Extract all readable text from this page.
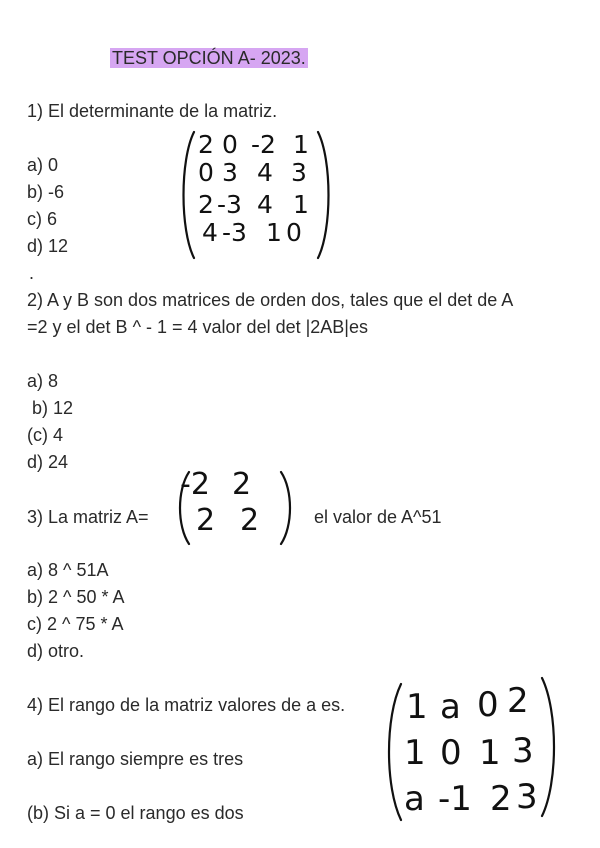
TEST OPCIÓN A- 2023.
1) El determinante de la matriz.
a) 0
b) -6
c) 6
d) 12
.
2 0 -2 1
0 3 4 3
2 -3 4 1
4 -3 1 0
2) A y B son dos matrices de orden dos, tales que el det de A
=2 y el det B ^ - 1 = 4 valor del det |2AB|es
a) 8
b) 12
(c) 4
d) 24
3) La matriz A=
-2 2
2 2	el valor de A^51
a) 8 ^ 51A
b) 2 ^ 50 * A
c) 2 ^ 75 * A
d) otro.
4) El rango de la matriz valores de a es.
a) El rango siempre es tres
(b) Si a = 0 el rango es dos
1 a 0 2
1 0 1 3
a -1 2 3
